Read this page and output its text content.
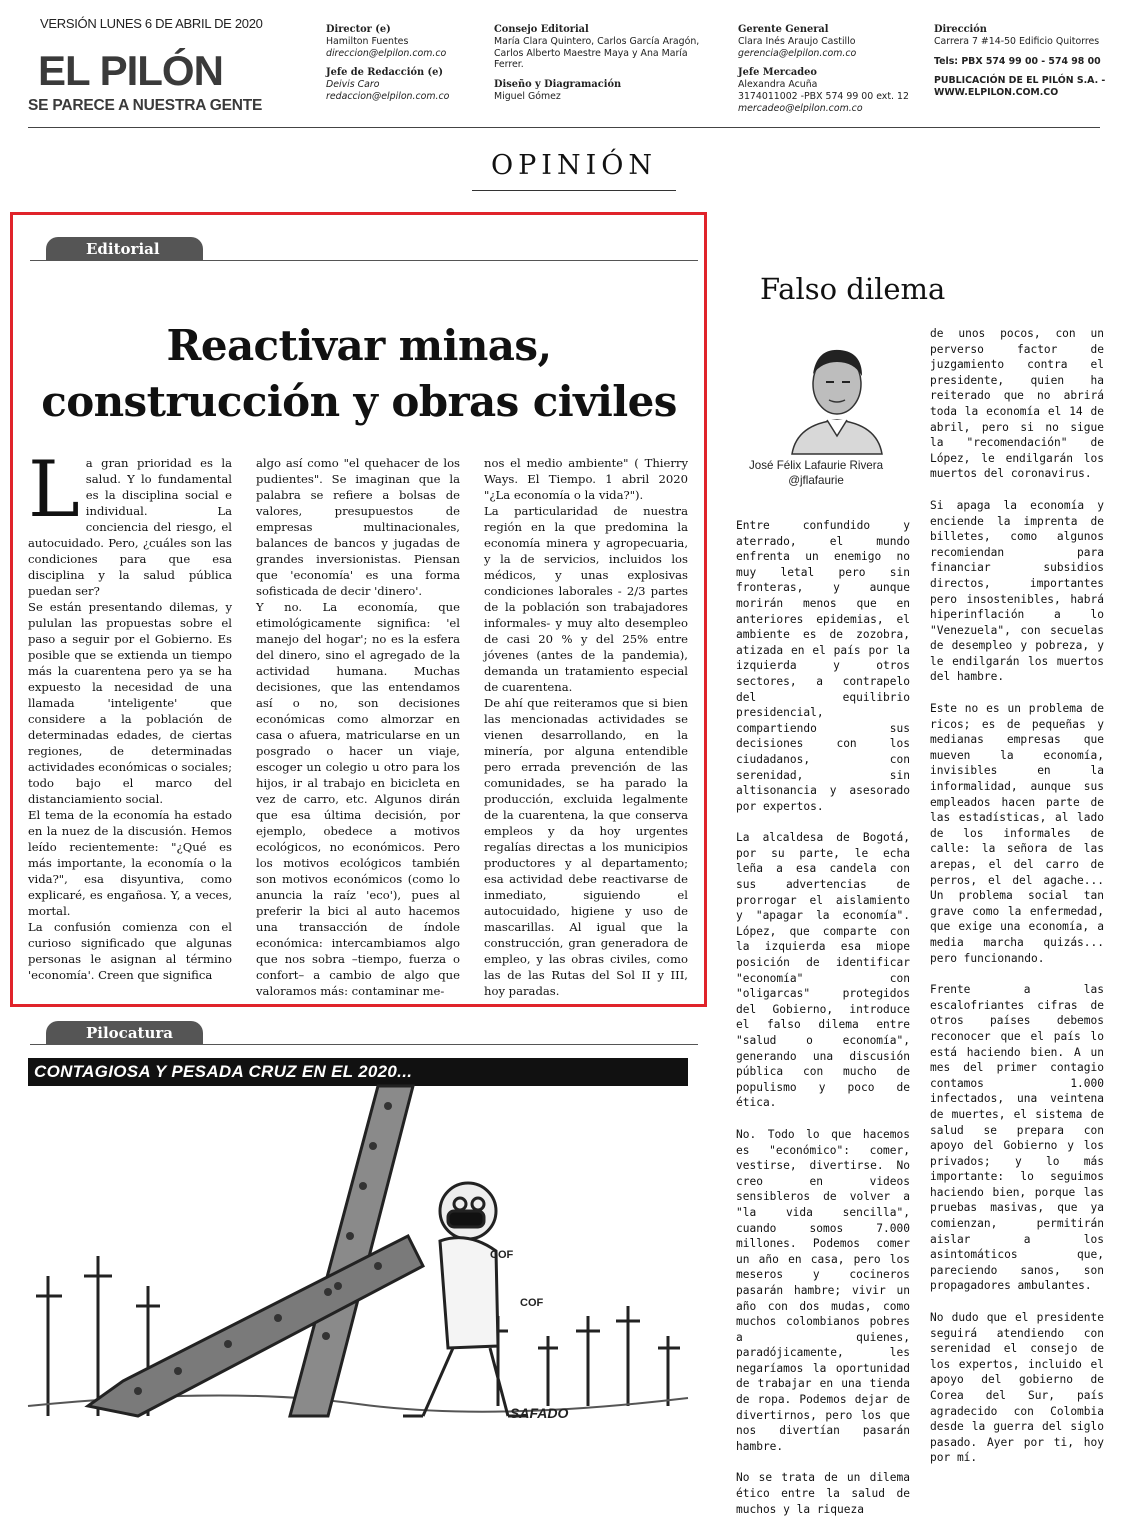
VERSIÓN LUNES 6 DE ABRIL DE 2020
EL PILÓN
SE PARECE A NUESTRA GENTE
Director (e)
Hamilton Fuentes
direccion@elpilon.com.co
Jefe de Redacción (e)
Deivis Caro
redaccion@elpilon.com.co
Consejo Editorial
María Clara Quintero, Carlos García Aragón,
Carlos Alberto Maestre Maya y Ana María
Ferrer.
Diseño y Diagramación
Miguel Gómez
Gerente General
Clara Inés Araujo Castillo
gerencia@elpilon.com.co
Jefe Mercadeo
Alexandra Acuña
3174011002 -PBX 574 99 00 ext. 12
mercadeo@elpilon.com.co
Dirección
Carrera 7 #14-50 Edificio Quitorres
Tels: PBX 574 99 00 - 574 98 00
PUBLICACIÓN DE EL PILÓN S.A. -
WWW.ELPILON.COM.CO
OPINIÓN
Editorial
Reactivar minas,
construcción y obras civiles

La gran prioridad es la salud. Y lo fundamental es la disciplina social e individual. La conciencia del riesgo, el autocuidado. Pero, ¿cuáles son las condiciones para que esa disciplina y la salud pública puedan ser?

Se están presentando dilemas, y pululan las propuestas sobre el paso a seguir por el Gobierno. Es posible que se extienda un tiempo más la cuarentena pero ya se ha expuesto la necesidad de una llamada 'inteligente' que considere a la población de determinadas edades, de ciertas regiones, de determinadas actividades económicas o sociales; todo bajo el marco del distanciamiento social.

El tema de la economía ha estado en la nuez de la discusión. Hemos leído recientemente: "¿Qué es más importante, la economía o la vida?", esa disyuntiva, como explicaré, es engañosa. Y, a veces, mortal.

La confusión comienza con el curioso significado que algunas personas le asignan al término 'economía'. Creen que significa

algo así como "el quehacer de los pudientes". Se imaginan que la palabra se refiere a bolsas de valores, presupuestos de empresas multinacionales, balances de bancos y jugadas de grandes inversionistas. Piensan que 'economía' es una forma sofisticada de decir 'dinero'.

Y no. La economía, que etimológicamente significa: 'el manejo del hogar'; no es la esfera del dinero, sino el agregado de la actividad humana. Muchas decisiones, que las entendamos así o no, son decisiones económicas como almorzar en casa o afuera, matricularse en un posgrado o hacer un viaje, escoger un colegio u otro para los hijos, ir al trabajo en bicicleta en vez de carro, etc. Algunos dirán que esa última decisión, por ejemplo, obedece a motivos ecológicos, no económicos. Pero los motivos ecológicos también son motivos económicos (como lo anuncia la raíz 'eco'), pues al preferir la bici al auto hacemos una transacción de índole económica: intercambiamos algo que nos sobra –tiempo, fuerza o confort– a cambio de algo que valoramos más: contaminar me-

nos el medio ambiente" ( Thierry Ways. El Tiempo. 1 abril 2020 "¿La economía o la vida?").

La particularidad de nuestra región en la que predomina la economía minera y agropecuaria, y la de servicios, incluidos los médicos, y unas explosivas condiciones laborales - 2/3 partes de la población son trabajadores informales- y muy alto desempleo de casi 20 % y del 25% entre jóvenes (antes de la pandemia), demanda un tratamiento especial de cuarentena.

De ahí que reiteramos que si bien las mencionadas actividades se vienen desarrollando, en la minería, por alguna entendible pero errada prevención de las comunidades, se ha parado la producción, excluida legalmente de la cuarentena, la que conserva empleos y da hoy urgentes regalías directas a los municipios productores y al departamento; esa actividad debe reactivarse de inmediato, siguiendo el autocuidado, higiene y uso de mascarillas. Al igual que la construcción, gran generadora de empleo, y las obras civiles, como las de las Rutas del Sol II y III, hoy paradas.

Pilocatura
CONTAGIOSA Y PESADA CRUZ EN EL 2020...
COF
COF
SAFADO
Falso dilema
José Félix Lafaurie Rivera
@jflafaurie

Entre confundido y aterrado, el mundo enfrenta un enemigo no muy letal pero sin fronteras, y aunque morirán menos que en anteriores epidemias, el ambiente es de zozobra, atizada en el país por la izquierda y otros sectores, a contrapelo del equilibrio presidencial, compartiendo sus decisiones con los ciudadanos, con serenidad, sin altisonancia y asesorado por expertos.

La alcaldesa de Bogotá, por su parte, le echa leña a esa candela con sus advertencias de prorrogar el aislamiento y "apagar la economía". López, que comparte con la izquierda esa miope posición de identificar "economía" con "oligarcas" protegidos del Gobierno, introduce el falso dilema entre "salud o economía", generando una discusión pública con mucho de populismo y poco de ética.

No. Todo lo que hacemos es "económico": comer, vestirse, divertirse. No creo en videos sensibleros de volver a "la vida sencilla", cuando somos 7.000 millones. Podemos comer un año en casa, pero los meseros y cocineros pasarán hambre; vivir un año con dos mudas, como muchos colombianos pobres a quienes, paradójicamente, les negaríamos la oportunidad de trabajar en una tienda de ropa. Podemos dejar de divertirnos, pero los que nos divertían pasarán hambre.

No se trata de un dilema ético entre la salud de muchos y la riqueza

de unos pocos, con un perverso factor de juzgamiento contra el presidente, quien ha reiterado que no abrirá toda la economía el 14 de abril, pero si no sigue la "recomendación" de López, le endilgarán los muertos del coronavirus.

Si apaga la economía y enciende la imprenta de billetes, como algunos recomiendan para financiar subsidios directos, importantes pero insostenibles, habrá hiperinflación a lo "Venezuela", con secuelas de desempleo y pobreza, y le endilgarán los muertos del hambre.

Este no es un problema de ricos; es de pequeñas y medianas empresas que mueven la economía, invisibles en la informalidad, aunque sus empleados hacen parte de las estadísticas, al lado de los informales de calle: la señora de las arepas, el del carro de perros, el del agache... Un problema social tan grave como la enfermedad, que exige una economía, a media marcha quizás... pero funcionando.

Frente a las escalofriantes cifras de otros países debemos reconocer que el país lo está haciendo bien. A un mes del primer contagio contamos 1.000 infectados, una veintena de muertes, el sistema de salud se prepara con apoyo del Gobierno y los privados; y lo más importante: lo seguimos haciendo bien, porque las pruebas masivas, que ya comienzan, permitirán aislar a los asintomáticos que, pareciendo sanos, son propagadores ambulantes.

No dudo que el presidente seguirá atendiendo con serenidad el consejo de los expertos, incluido el apoyo del gobierno de Corea del Sur, país agradecido con Colombia desde la guerra del siglo pasado. Ayer por ti, hoy por mí.
